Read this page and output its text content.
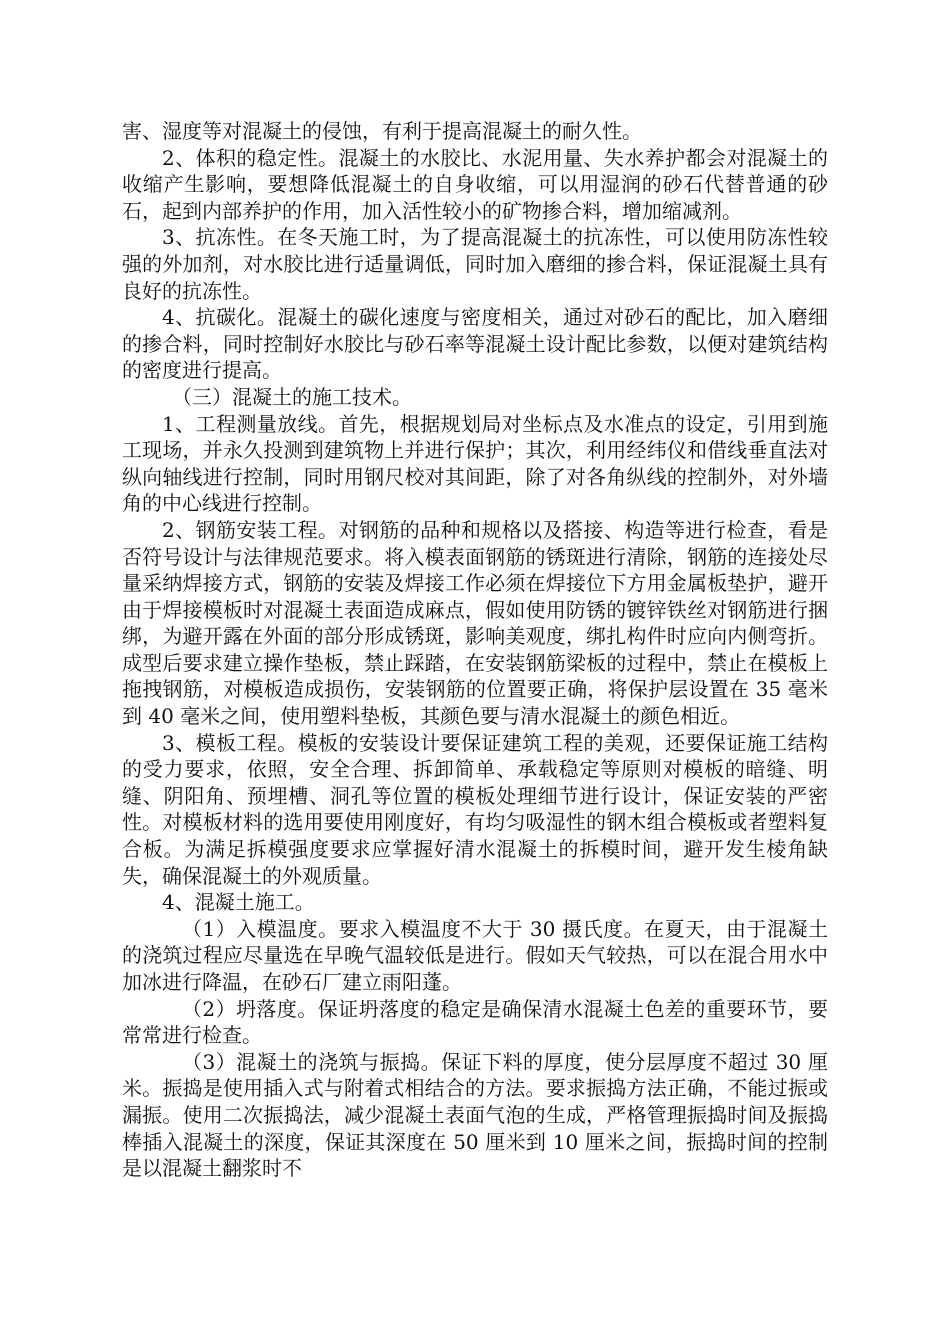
害、湿度等对混凝土的侵蚀，有利于提高混凝土的耐久性。

2、体积的稳定性。混凝土的水胶比、水泥用量、失水养护都会对混凝土的收缩产生影响，要想降低混凝土的自身收缩，可以用湿润的砂石代替普通的砂石，起到内部养护的作用，加入活性较小的矿物掺合料，增加缩减剂。

3、抗冻性。在冬天施工时，为了提高混凝土的抗冻性，可以使用防冻性较强的外加剂，对水胶比进行适量调低，同时加入磨细的掺合料，保证混凝土具有良好的抗冻性。

4、抗碳化。混凝土的碳化速度与密度相关，通过对砂石的配比，加入磨细的掺合料，同时控制好水胶比与砂石率等混凝土设计配比参数，以便对建筑结构的密度进行提高。

（三）混凝土的施工技术。

1、工程测量放线。首先，根据规划局对坐标点及水准点的设定，引用到施工现场，并永久投测到建筑物上并进行保护；其次，利用经纬仪和借线垂直法对纵向轴线进行控制，同时用钢尺校对其间距，除了对各角纵线的控制外，对外墙角的中心线进行控制。

2、钢筋安装工程。对钢筋的品种和规格以及搭接、构造等进行检查，看是否符号设计与法律规范要求。将入模表面钢筋的锈斑进行清除，钢筋的连接处尽量采纳焊接方式，钢筋的安装及焊接工作必须在焊接位下方用金属板垫护，避开由于焊接模板时对混凝土表面造成麻点，假如使用防锈的镀锌铁丝对钢筋进行捆绑，为避开露在外面的部分形成锈斑，影响美观度，绑扎构件时应向内侧弯折。成型后要求建立操作垫板，禁止踩踏，在安装钢筋梁板的过程中，禁止在模板上拖拽钢筋，对模板造成损伤，安装钢筋的位置要正确，将保护层设置在 35 毫米到 40 毫米之间，使用塑料垫板，其颜色要与清水混凝土的颜色相近。

3、模板工程。模板的安装设计要保证建筑工程的美观，还要保证施工结构的受力要求，依照，安全合理、拆卸简单、承载稳定等原则对模板的暗缝、明缝、阴阳角、预埋槽、洞孔等位置的模板处理细节进行设计，保证安装的严密性。对模板材料的选用要使用刚度好，有均匀吸湿性的钢木组合模板或者塑料复合板。为满足拆模强度要求应掌握好清水混凝土的拆模时间，避开发生棱角缺失，确保混凝土的外观质量。

4、混凝土施工。

（1）入模温度。要求入模温度不大于 30 摄氏度。在夏天，由于混凝土的浇筑过程应尽量选在早晚气温较低是进行。假如天气较热，可以在混合用水中加冰进行降温，在砂石厂建立雨阳蓬。

（2）坍落度。保证坍落度的稳定是确保清水混凝土色差的重要环节，要常常进行检查。

（3）混凝土的浇筑与振捣。保证下料的厚度，使分层厚度不超过 30 厘米。振捣是使用插入式与附着式相结合的方法。要求振捣方法正确，不能过振或漏振。使用二次振捣法，减少混凝土表面气泡的生成，严格管理振捣时间及振捣棒插入混凝土的深度，保证其深度在 50 厘米到 10 厘米之间，振捣时间的控制是以混凝土翻浆时不
